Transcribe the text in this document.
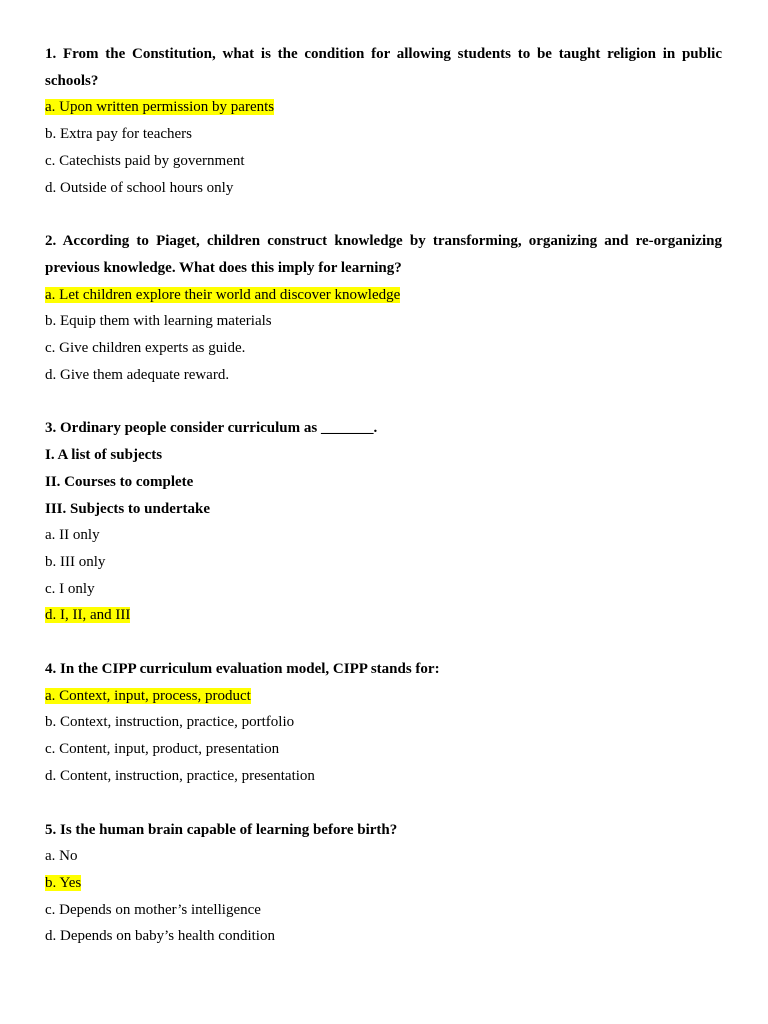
1. From the Constitution, what is the condition for allowing students to be taught religion in public schools?

a. Upon written permission by parents

b. Extra pay for teachers

c. Catechists paid by government

d. Outside of school hours only

2. According to Piaget, children construct knowledge by transforming, organizing and re-organizing previous knowledge. What does this imply for learning?

a. Let children explore their world and discover knowledge

b. Equip them with learning materials

c. Give children experts as guide.

d. Give them adequate reward.

3. Ordinary people consider curriculum as _______.

I. A list of subjects

II. Courses to complete

III. Subjects to undertake

a. II only

b. III only

c. I only

d. I, II, and III

4. In the CIPP curriculum evaluation model, CIPP stands for:

a. Context, input, process, product

b. Context, instruction, practice, portfolio

c. Content, input, product, presentation

d. Content, instruction, practice, presentation

5. Is the human brain capable of learning before birth?

a. No

b. Yes

c. Depends on mother’s intelligence

d. Depends on baby’s health condition
